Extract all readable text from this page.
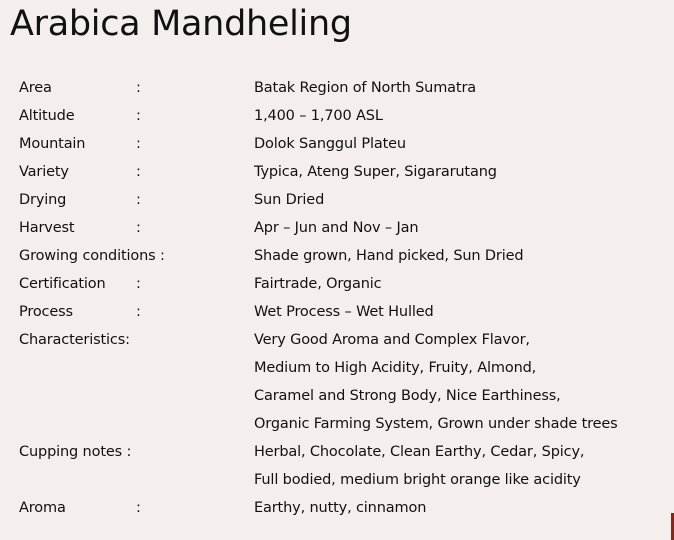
Arabica Mandheling
Area	:	Batak Region of North Sumatra
Altitude	:	1,400 – 1,700 ASL
Mountain	:	Dolok Sanggul Plateu
Variety	:	Typica, Ateng Super, Sigararutang
Drying	:	Sun Dried
Harvest	:	Apr – Jun and Nov – Jan
Growing conditions :	Shade grown, Hand picked, Sun Dried
Certification :	Fairtrade, Organic
Process	:	Wet Process – Wet Hulled
Characteristics:	Very Good Aroma and Complex Flavor,
Medium to High Acidity, Fruity, Almond,
Caramel and Strong Body, Nice Earthiness,
Organic Farming System, Grown under shade trees
Cupping notes :	Herbal, Chocolate, Clean Earthy, Cedar, Spicy,
Full bodied, medium bright orange like acidity
Aroma	:	Earthy, nutty, cinnamon
